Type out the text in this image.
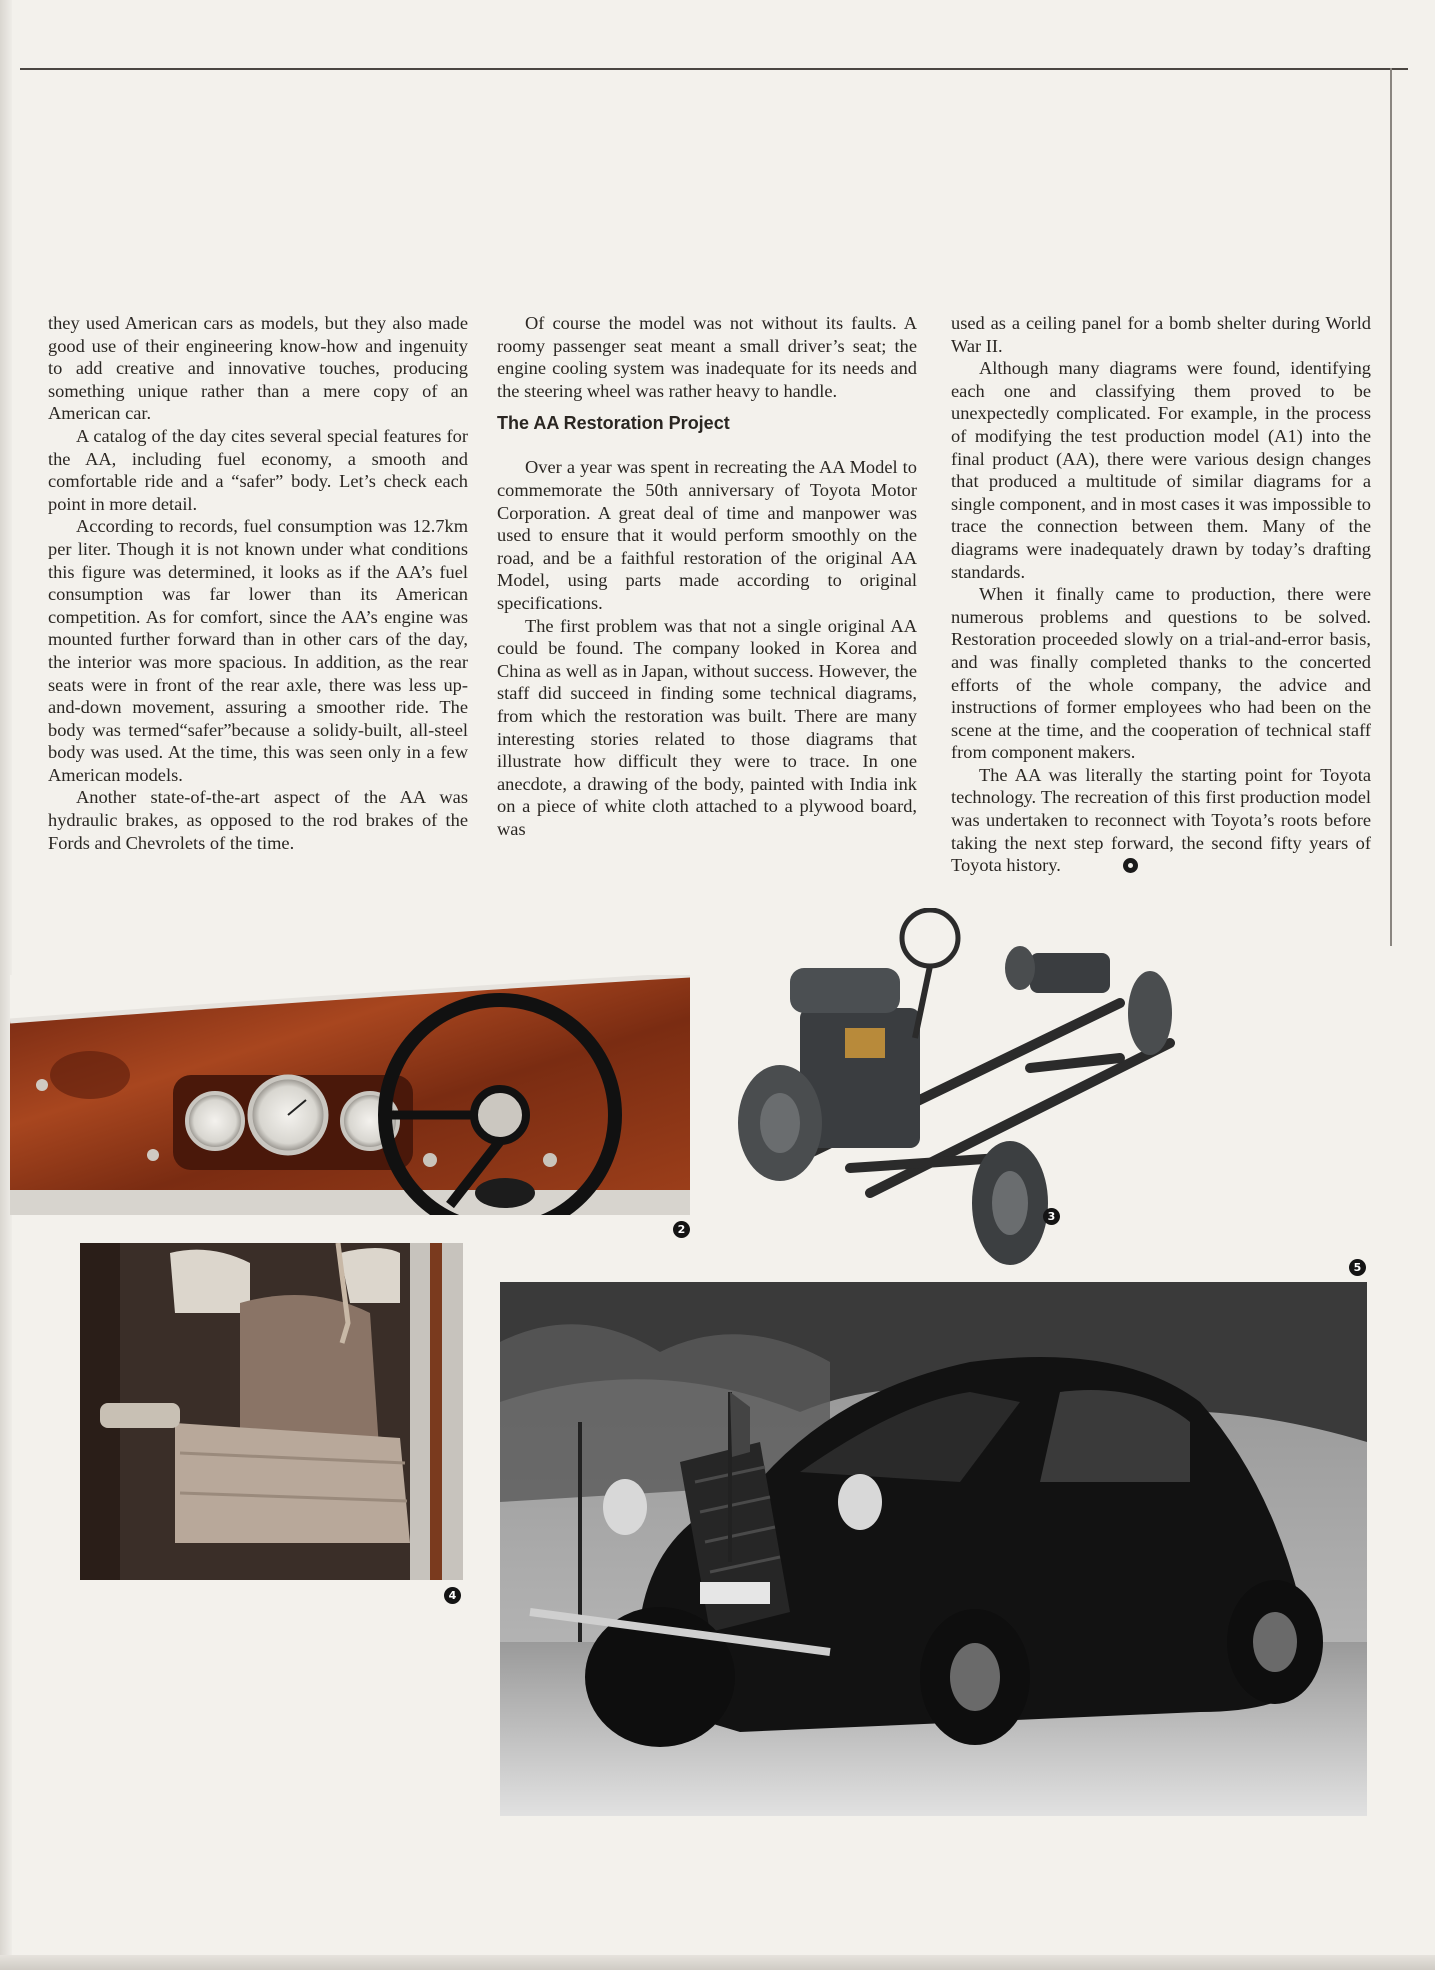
they used American cars as models, but they also made good use of their engineering know-how and ingenuity to add creative and innovative touches, producing something unique rather than a mere copy of an American car.

A catalog of the day cites several special features for the AA, including fuel economy, a smooth and comfortable ride and a “safer” body. Let’s check each point in more detail.

According to records, fuel consumption was 12.7km per liter. Though it is not known under what conditions this figure was determined, it looks as if the AA’s fuel consumption was far lower than its American competition. As for comfort, since the AA’s engine was mounted further forward than in other cars of the day, the interior was more spacious. In addition, as the rear seats were in front of the rear axle, there was less up-and-down movement, assuring a smoother ride. The body was termed“safer”because a solidy-built, all-steel body was used. At the time, this was seen only in a few American models.

Another state-of-the-art aspect of the AA was hydraulic brakes, as opposed to the rod brakes of the Fords and Chevrolets of the time.

Of course the model was not without its faults. A roomy passenger seat meant a small driver’s seat; the engine cooling system was inadequate for its needs and the steering wheel was rather heavy to handle.

The AA Restoration Project

Over a year was spent in recreating the AA Model to commemorate the 50th anniversary of Toyota Motor Corporation. A great deal of time and manpower was used to ensure that it would perform smoothly on the road, and be a faithful restoration of the original AA Model, using parts made according to original specifications.

The first problem was that not a single original AA could be found. The company looked in Korea and China as well as in Japan, without success. However, the staff did succeed in finding some technical diagrams, from which the restoration was built. There are many interesting stories related to those diagrams that illustrate how difficult they were to trace. In one anecdote, a drawing of the body, painted with India ink on a piece of white cloth attached to a plywood board, was

used as a ceiling panel for a bomb shelter during World War II.

Although many diagrams were found, identifying each one and classifying them proved to be unexpectedly complicated. For example, in the process of modifying the test production model (A1) into the final product (AA), there were various design changes that produced a multitude of similar diagrams for a single component, and in most cases it was impossible to trace the connection between them. Many of the diagrams were inadequately drawn by today’s drafting standards.

When it finally came to production, there were numerous problems and questions to be solved. Restoration proceeded slowly on a trial-and-error basis, and was finally completed thanks to the concerted efforts of the whole company, the advice and instructions of former employees who had been on the scene at the time, and the cooperation of technical staff from component makers.

The AA was literally the starting point for Toyota technology. The recreation of this first production model was undertaken to reconnect with Toyota’s roots before taking the next step forward, the second fifty years of Toyota history.

2
3
4
5
